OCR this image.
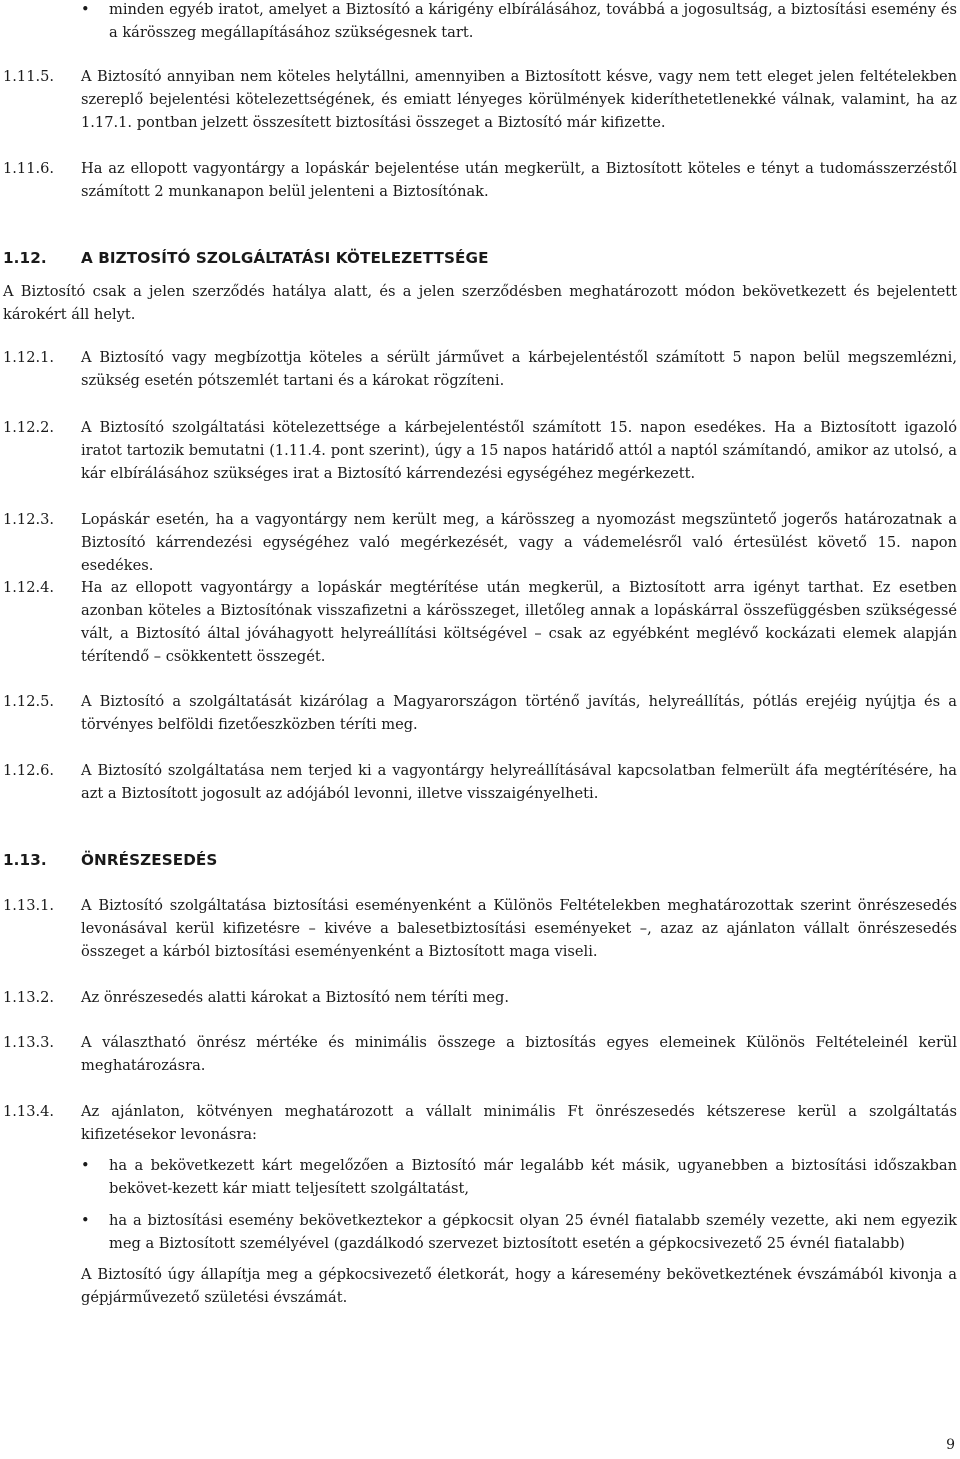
•	minden egyéb iratot, amelyet a Biztosító a kárigény elbírálásához, továbbá a jogosultság, a biztosítási esemény és a kárösszeg megállapításához szükségesnek tart.
1.11.5.	A Biztosító annyiban nem köteles helytállni, amennyiben a Biztosított késve, vagy nem tett eleget jelen feltételekben szereplő bejelentési kötelezettségének, és emiatt lényeges körülmények kideríthetetlenekké válnak, valamint, ha az 1.17.1. pontban jelzett összesített biztosítási összeget a Biztosító már kifizette.
1.11.6.	Ha az ellopott vagyontárgy a lopáskár bejelentése után megkerült, a Biztosított köteles e tényt a tudomásszerzéstől számított 2 munkanapon belül jelenteni a Biztosítónak.
1.12.	A BIZTOSÍTÓ SZOLGÁLTATÁSI KÖTELEZETTSÉGE
A Biztosító csak a jelen szerződés hatálya alatt, és a jelen szerződésben meghatározott módon bekövetkezett és bejelentett károkért áll helyt.
1.12.1.	A Biztosító vagy megbízottja köteles a sérült járművet a kárbejelentéstől számított 5 napon belül megszemlézni, szükség esetén pótszemlét tartani és a károkat rögzíteni.
1.12.2.	A Biztosító szolgáltatási kötelezettsége a kárbejelentéstől számított 15. napon esedékes. Ha a Biztosított igazoló iratot tartozik bemutatni (1.11.4. pont szerint), úgy a 15 napos határidő attól a naptól számítandó, amikor az utolsó, a kár elbírálásához szükséges irat a Biztosító kárrendezési egységéhez megérkezett.
1.12.3.	Lopáskár esetén, ha a vagyontárgy nem került meg, a kárösszeg a nyomozást megszüntető jogerős határozatnak a Biztosító kárrendezési egységéhez való megérkezését, vagy a vádemelésről való értesülést követő 15. napon esedékes.
1.12.4.	Ha az ellopott vagyontárgy a lopáskár megtérítése után megkerül, a Biztosított arra igényt tarthat. Ez esetben azonban köteles a Biztosítónak visszafizetni a kárösszeget, illetőleg annak a lopáskárral összefüggésben szükségessé vált, a Biztosító által jóváhagyott helyreállítási költségével – csak az egyébként meglévő kockázati elemek alapján térítendő – csökkentett összegét.
1.12.5.	A Biztosító a szolgáltatását kizárólag a Magyarországon történő javítás, helyreállítás, pótlás erejéig nyújtja és a törvényes belföldi fizetőeszközben téríti meg.
1.12.6.	A Biztosító szolgáltatása nem terjed ki a vagyontárgy helyreállításával kapcsolatban felmerült áfa megtérítésére, ha azt a Biztosított jogosult az adójából levonni, illetve visszaigényelheti.
1.13.	ÖNRÉSZESEDÉS
1.13.1.	A Biztosító szolgáltatása biztosítási eseményenként a Különös Feltételekben meghatározottak szerint önrészesedés levonásával kerül kifizetésre – kivéve a balesetbiztosítási eseményeket –, azaz az ajánlaton vállalt önrészesedés összeget a kárból biztosítási eseményenként a Biztosított maga viseli.
1.13.2.	Az önrészesedés alatti károkat a Biztosító nem téríti meg.
1.13.3.	A választható önrész mértéke és minimális összege a biztosítás egyes elemeinek Különös Feltételeinél kerül meghatározásra.
1.13.4.	Az ajánlaton, kötvényen meghatározott a vállalt minimális Ft önrészesedés kétszerese kerül a szolgáltatás kifizetésekor levonásra:
•	ha a bekövetkezett kárt megelőzően a Biztosító már legalább két másik, ugyanebben a biztosítási időszakban bekövet-kezett kár miatt teljesített szolgáltatást,
•	ha a biztosítási esemény bekövetkeztekor a gépkocsit olyan 25 évnél fiatalabb személy vezette, aki nem egyezik meg a Biztosított személyével (gazdálkodó szervezet biztosított esetén a gépkocsivezető 25 évnél fiatalabb)
A Biztosító úgy állapítja meg a gépkocsivezető életkorát, hogy a káresemény bekövetkeztének évszámából kivonja a gépjárművezető születési évszámát.
9
